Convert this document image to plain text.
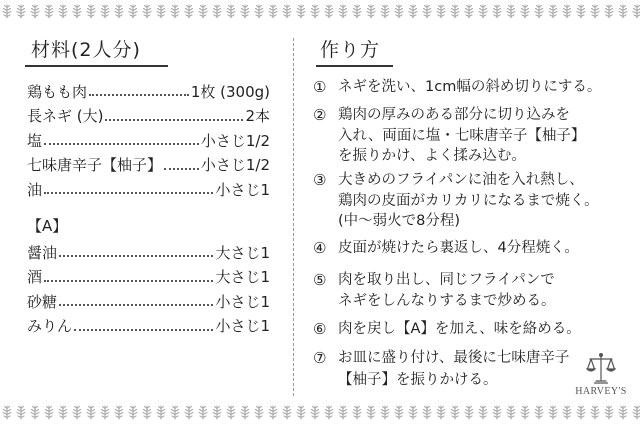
材料(2人分)
鶏もも肉	1枚 (300g)
長ネギ (大)	2本
塩	小さじ1/2
七味唐辛子【柚子】	小さじ1/2
油	小さじ1
【A】
醤油	大さじ1
酒	大さじ1
砂糖	小さじ1
みりん	小さじ1
作り方
① ネギを洗い、1cm幅の斜め切りにする。
② 鶏肉の厚みのある部分に切り込みを
入れ、両面に塩・七味唐辛子【柚子】
を振りかけ、よく揉み込む。
③ 大きめのフライパンに油を入れ熱し、
鶏肉の皮面がカリカリになるまで焼く。
(中〜弱火で8分程)
④ 皮面が焼けたら裏返し、4分程焼く。
⑤ 肉を取り出し、同じフライパンで
ネギをしんなりするまで炒める。
⑥ 肉を戻し【A】を加え、味を絡める。
⑦ お皿に盛り付け、最後に七味唐辛子
【柚子】を振りかける。
HARVEY'S
